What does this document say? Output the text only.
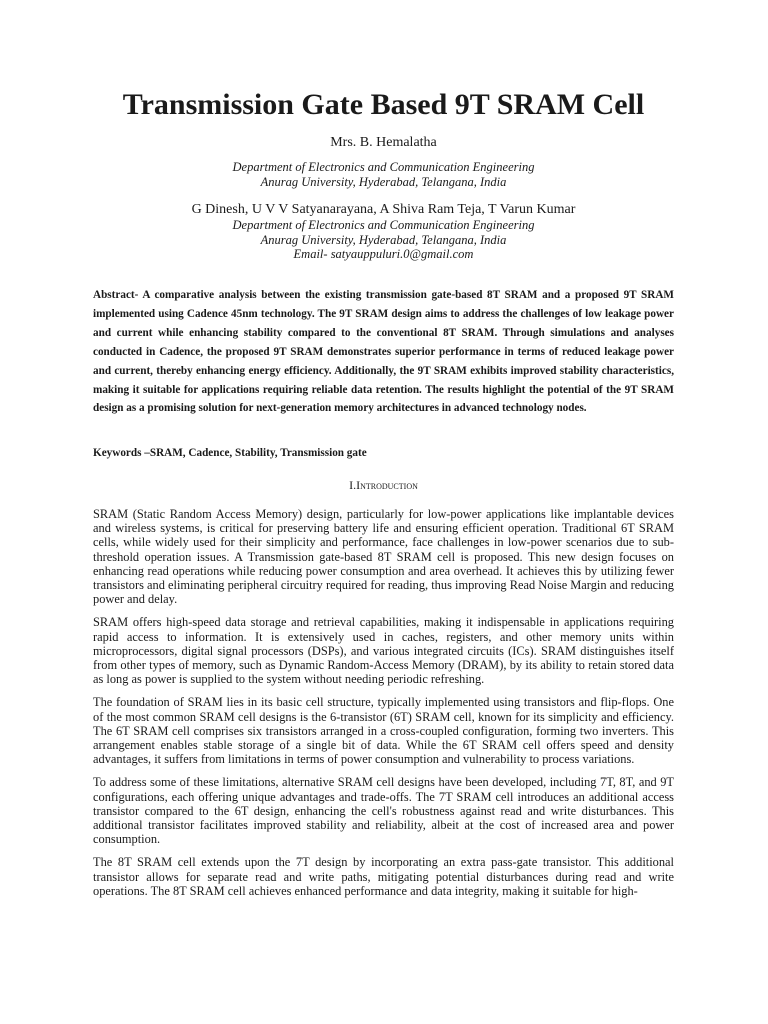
Transmission Gate Based 9T SRAM Cell
Mrs. B. Hemalatha
Department of Electronics and Communication Engineering
Anurag University, Hyderabad, Telangana, India
G Dinesh, U V V Satyanarayana, A Shiva Ram Teja, T Varun Kumar
Department of Electronics and Communication Engineering
Anurag University, Hyderabad, Telangana, India
Email- satyauppuluri.0@gmail.com
Abstract- A comparative analysis between the existing transmission gate-based 8T SRAM and a proposed 9T SRAM implemented using Cadence 45nm technology. The 9T SRAM design aims to address the challenges of low leakage power and current while enhancing stability compared to the conventional 8T SRAM. Through simulations and analyses conducted in Cadence, the proposed 9T SRAM demonstrates superior performance in terms of reduced leakage power and current, thereby enhancing energy efficiency. Additionally, the 9T SRAM exhibits improved stability characteristics, making it suitable for applications requiring reliable data retention. The results highlight the potential of the 9T SRAM design as a promising solution for next-generation memory architectures in advanced technology nodes.
Keywords –SRAM, Cadence, Stability, Transmission gate
I.Introduction

SRAM (Static Random Access Memory) design, particularly for low-power applications like implantable devices and wireless systems, is critical for preserving battery life and ensuring efficient operation. Traditional 6T SRAM cells, while widely used for their simplicity and performance, face challenges in low-power scenarios due to sub-threshold operation issues. A Transmission gate-based 8T SRAM cell is proposed. This new design focuses on enhancing read operations while reducing power consumption and area overhead. It achieves this by utilizing fewer transistors and eliminating peripheral circuitry required for reading, thus improving Read Noise Margin and reducing power and delay.

SRAM offers high-speed data storage and retrieval capabilities, making it indispensable in applications requiring rapid access to information. It is extensively used in caches, registers, and other memory units within microprocessors, digital signal processors (DSPs), and various integrated circuits (ICs). SRAM distinguishes itself from other types of memory, such as Dynamic Random-Access Memory (DRAM), by its ability to retain stored data as long as power is supplied to the system without needing periodic refreshing.

The foundation of SRAM lies in its basic cell structure, typically implemented using transistors and flip-flops. One of the most common SRAM cell designs is the 6-transistor (6T) SRAM cell, known for its simplicity and efficiency. The 6T SRAM cell comprises six transistors arranged in a cross-coupled configuration, forming two inverters. This arrangement enables stable storage of a single bit of data. While the 6T SRAM cell offers speed and density advantages, it suffers from limitations in terms of power consumption and vulnerability to process variations.

To address some of these limitations, alternative SRAM cell designs have been developed, including 7T, 8T, and 9T configurations, each offering unique advantages and trade-offs. The 7T SRAM cell introduces an additional access transistor compared to the 6T design, enhancing the cell's robustness against read and write disturbances. This additional transistor facilitates improved stability and reliability, albeit at the cost of increased area and power consumption.

The 8T SRAM cell extends upon the 7T design by incorporating an extra pass-gate transistor. This additional transistor allows for separate read and write paths, mitigating potential disturbances during read and write operations. The 8T SRAM cell achieves enhanced performance and data integrity, making it suitable for high-
